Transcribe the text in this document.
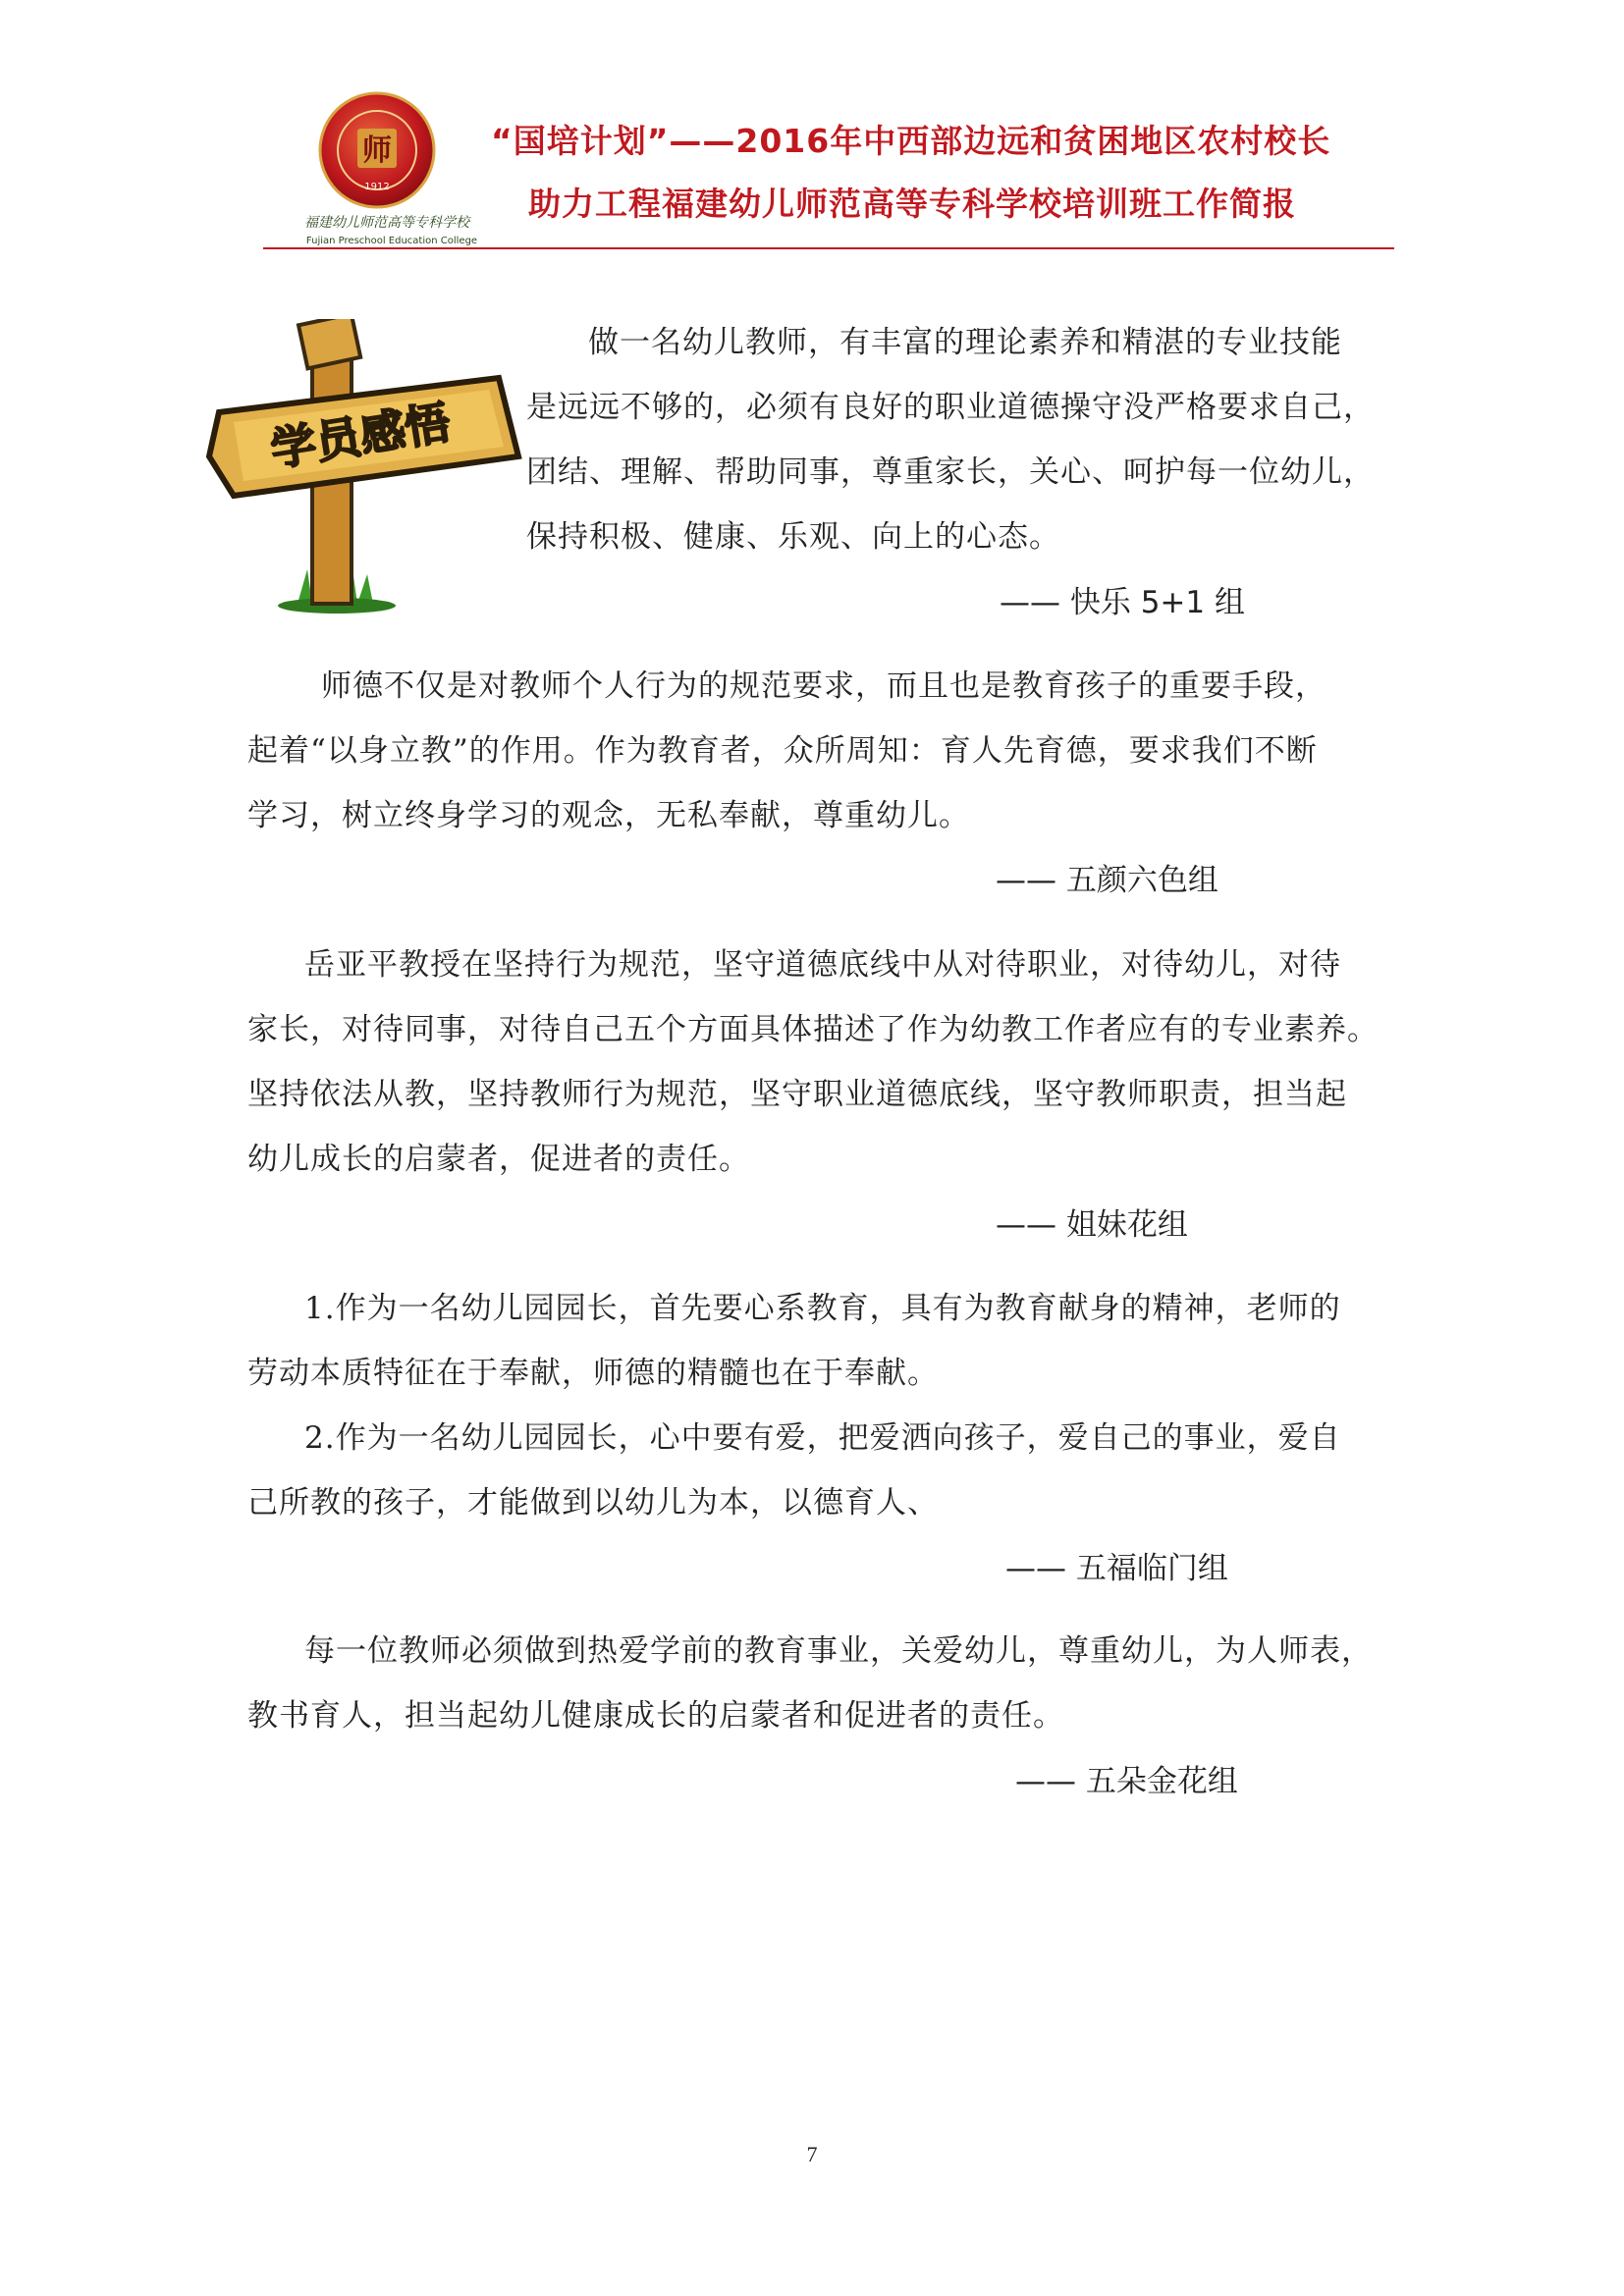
师
1912
福建幼儿师范高等专科学校
Fujian Preschool Education College
“国培计划”——2016年中西部边远和贫困地区农村校长
助力工程福建幼儿师范高等专科学校培训班工作简报
学员感悟
做一名幼儿教师，有丰富的理论素养和精湛的专业技能
是远远不够的，必须有良好的职业道德操守没严格要求自己，
团结、理解、帮助同事，尊重家长，关心、呵护每一位幼儿，
保持积极、健康、乐观、向上的心态。
—— 快乐 5+1 组
师德不仅是对教师个人行为的规范要求，而且也是教育孩子的重要手段，
起着“以身立教”的作用。作为教育者，众所周知：育人先育德，要求我们不断
学习，树立终身学习的观念，无私奉献，尊重幼儿。
—— 五颜六色组
岳亚平教授在坚持行为规范，坚守道德底线中从对待职业，对待幼儿，对待
家长，对待同事，对待自己五个方面具体描述了作为幼教工作者应有的专业素养。
坚持依法从教，坚持教师行为规范，坚守职业道德底线，坚守教师职责，担当起
幼儿成长的启蒙者，促进者的责任。
—— 姐妹花组
1.作为一名幼儿园园长，首先要心系教育，具有为教育献身的精神，老师的
劳动本质特征在于奉献，师德的精髓也在于奉献。
2.作为一名幼儿园园长，心中要有爱，把爱洒向孩子，爱自己的事业，爱自
己所教的孩子，才能做到以幼儿为本，以德育人、
—— 五福临门组
每一位教师必须做到热爱学前的教育事业，关爱幼儿，尊重幼儿，为人师表，
教书育人，担当起幼儿健康成长的启蒙者和促进者的责任。
—— 五朵金花组
7
